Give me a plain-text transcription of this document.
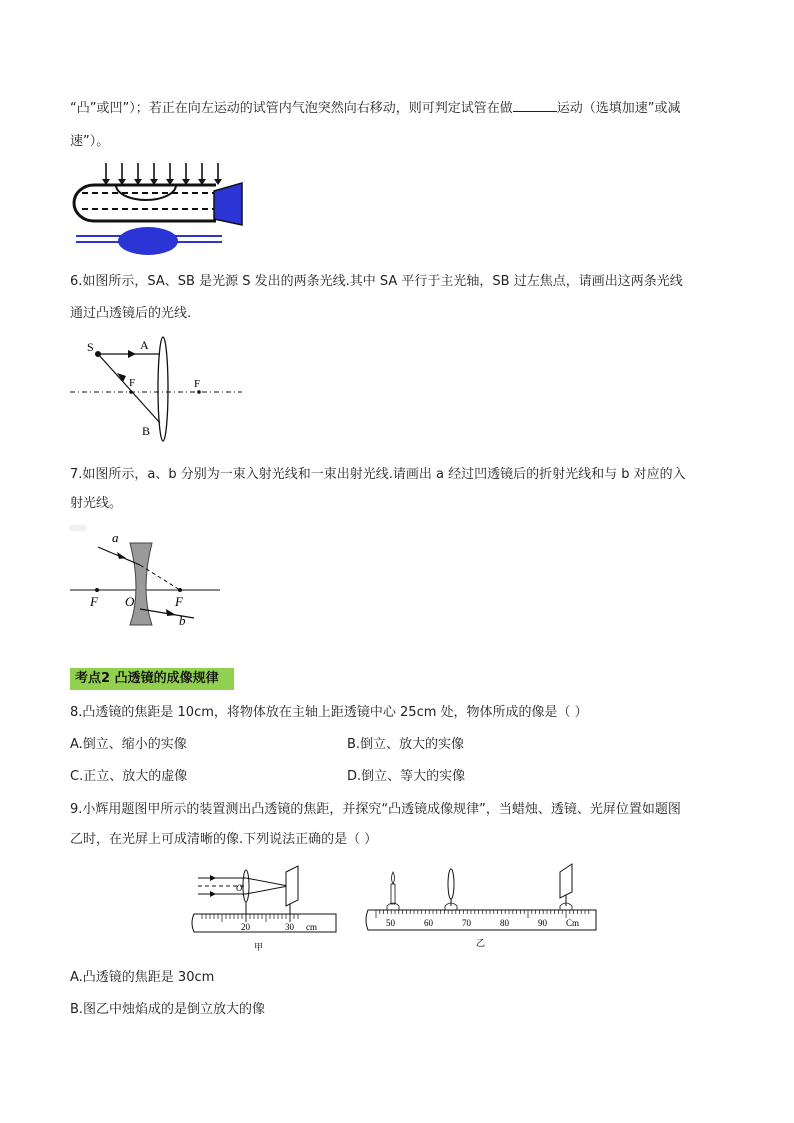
“凸”或凹”）；若正在向左运动的试管内气泡突然向右移动，则可判定试管在做	运动（选填加速”或减
速”）。
6.如图所示，SA、SB 是光源 S 发出的两条光线.其中 SA 平行于主光轴，SB 过左焦点，请画出这两条光线
通过凸透镜后的光线.
S	A
F	F
B
7.如图所示，a、b 分别为一束入射光线和一束出射光线.请画出 a 经过凹透镜后的折射光线和与 b 对应的入
射光线。
a
F O	F
b
考点2 凸透镜的成像规律
8.凸透镜的焦距是 10cm，将物体放在主轴上距透镜中心 25cm 处，物体所成的像是（ ）
A.倒立、缩小的实像	B.倒立、放大的实像
C.正立、放大的虚像	D.倒立、等大的实像
9.小辉用题图甲所示的装置测出凸透镜的焦距，并探究“凸透镜成像规律”，当蜡烛、透镜、光屏位置如题图
乙时，在光屏上可成清晰的像.下列说法正确的是（ ）
O
20	30 cm
甲
50	60	70	80	90 Cm
乙
A.凸透镜的焦距是 30cm
B.图乙中烛焰成的是倒立放大的像
